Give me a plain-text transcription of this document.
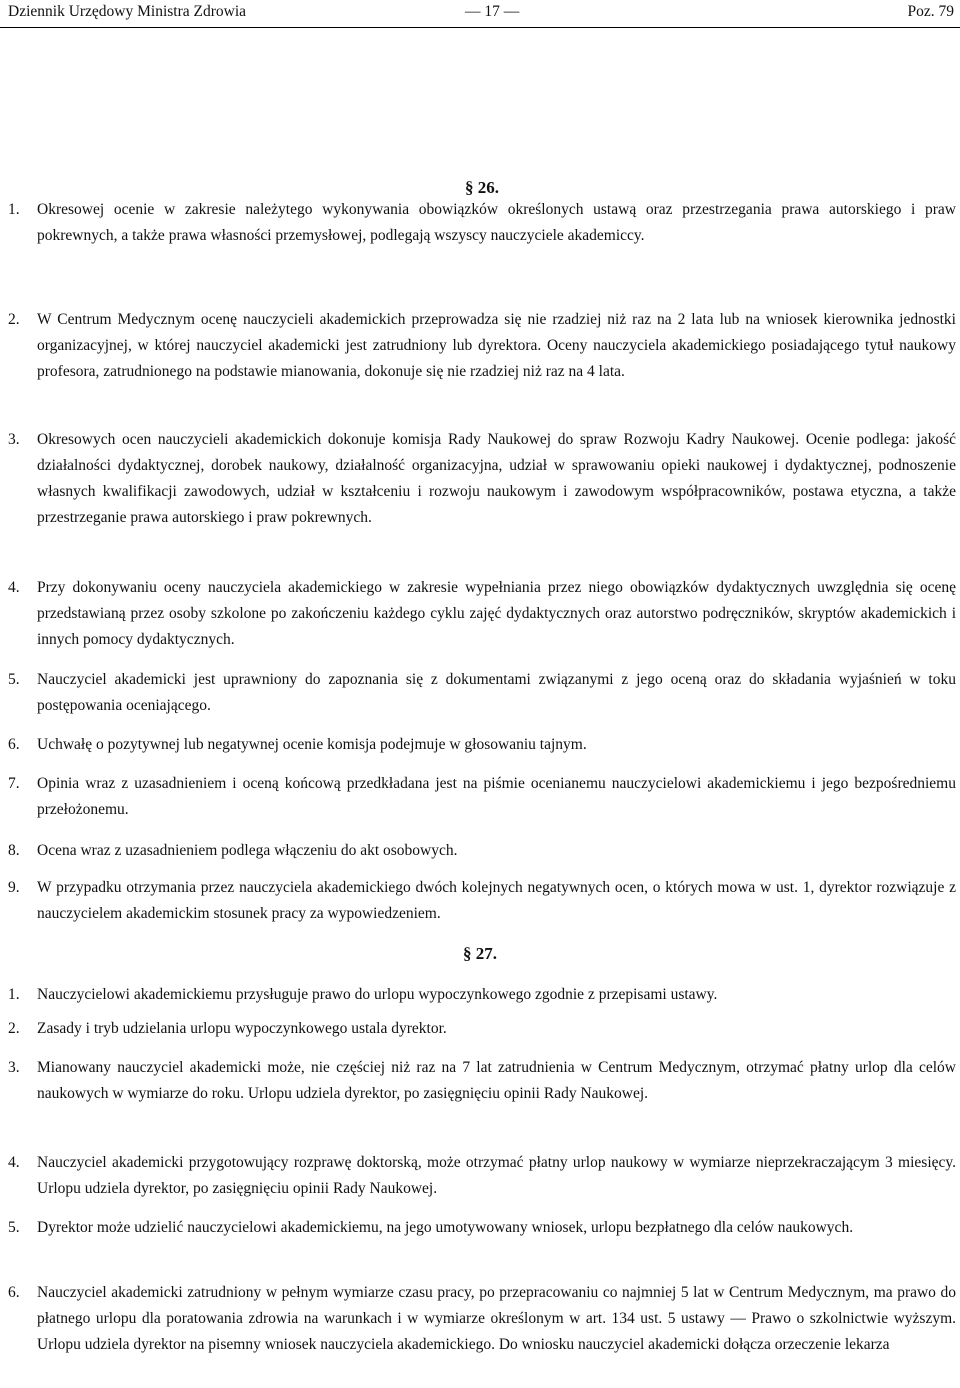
Dziennik Urzędowy Ministra Zdrowia	— 17 —	Poz. 79
§ 26.
1. Okresowej ocenie w zakresie należytego wykonywania obowiązków określonych ustawą oraz przestrzegania prawa autorskiego i praw pokrewnych, a także prawa własności przemysłowej, podlegają wszyscy nauczyciele akademiccy.
2. W Centrum Medycznym ocenę nauczycieli akademickich przeprowadza się nie rzadziej niż raz na 2 lata lub na wniosek kierownika jednostki organizacyjnej, w której nauczyciel akademicki jest zatrudniony lub dyrektora. Oceny nauczyciela akademickiego posiadającego tytuł naukowy profesora, zatrudnionego na podstawie mianowania, dokonuje się nie rzadziej niż raz na 4 lata.
3. Okresowych ocen nauczycieli akademickich dokonuje komisja Rady Naukowej do spraw Rozwoju Kadry Naukowej. Ocenie podlega: jakość działalności dydaktycznej, dorobek naukowy, działalność organizacyjna, udział w sprawowaniu opieki naukowej i dydaktycznej, podnoszenie własnych kwalifikacji zawodowych, udział w kształceniu i rozwoju naukowym i zawodowym współpracowników, postawa etyczna, a także przestrzeganie prawa autorskiego i praw pokrewnych.
4. Przy dokonywaniu oceny nauczyciela akademickiego w zakresie wypełniania przez niego obowiązków dydaktycznych uwzględnia się ocenę przedstawianą przez osoby szkolone po zakończeniu każdego cyklu zajęć dydaktycznych oraz autorstwo podręczników, skryptów akademickich i innych pomocy dydaktycznych.
5. Nauczyciel akademicki jest uprawniony do zapoznania się z dokumentami związanymi z jego oceną oraz do składania wyjaśnień w toku postępowania oceniającego.
6. Uchwałę o pozytywnej lub negatywnej ocenie komisja podejmuje w głosowaniu tajnym.
7. Opinia wraz z uzasadnieniem i oceną końcową przedkładana jest na piśmie ocenianemu nauczycielowi akademickiemu i jego bezpośredniemu przełożonemu.
8. Ocena wraz z uzasadnieniem podlega włączeniu do akt osobowych.
9. W przypadku otrzymania przez nauczyciela akademickiego dwóch kolejnych negatywnych ocen, o których mowa w ust. 1, dyrektor rozwiązuje z nauczycielem akademickim stosunek pracy za wypowiedzeniem.
§ 27.
1. Nauczycielowi akademickiemu przysługuje prawo do urlopu wypoczynkowego zgodnie z przepisami ustawy.
2. Zasady i tryb udzielania urlopu wypoczynkowego ustala dyrektor.
3. Mianowany nauczyciel akademicki może, nie częściej niż raz na 7 lat zatrudnienia w Centrum Medycznym, otrzymać płatny urlop dla celów naukowych w wymiarze do roku. Urlopu udziela dyrektor, po zasięgnięciu opinii Rady Naukowej.
4. Nauczyciel akademicki przygotowujący rozprawę doktorską, może otrzymać płatny urlop naukowy w wymiarze nieprzekraczającym 3 miesięcy. Urlopu udziela dyrektor, po zasięgnięciu opinii Rady Naukowej.
5. Dyrektor może udzielić nauczycielowi akademickiemu, na jego umotywowany wniosek, urlopu bezpłatnego dla celów naukowych.
6. Nauczyciel akademicki zatrudniony w pełnym wymiarze czasu pracy, po przepracowaniu co najmniej 5 lat w Centrum Medycznym, ma prawo do płatnego urlopu dla poratowania zdrowia na warunkach i w wymiarze określonym w art. 134 ust. 5 ustawy — Prawo o szkolnictwie wyższym. Urlopu udziela dyrektor na pisemny wniosek nauczyciela akademickiego. Do wniosku nauczyciel akademicki dołącza orzeczenie lekarza
